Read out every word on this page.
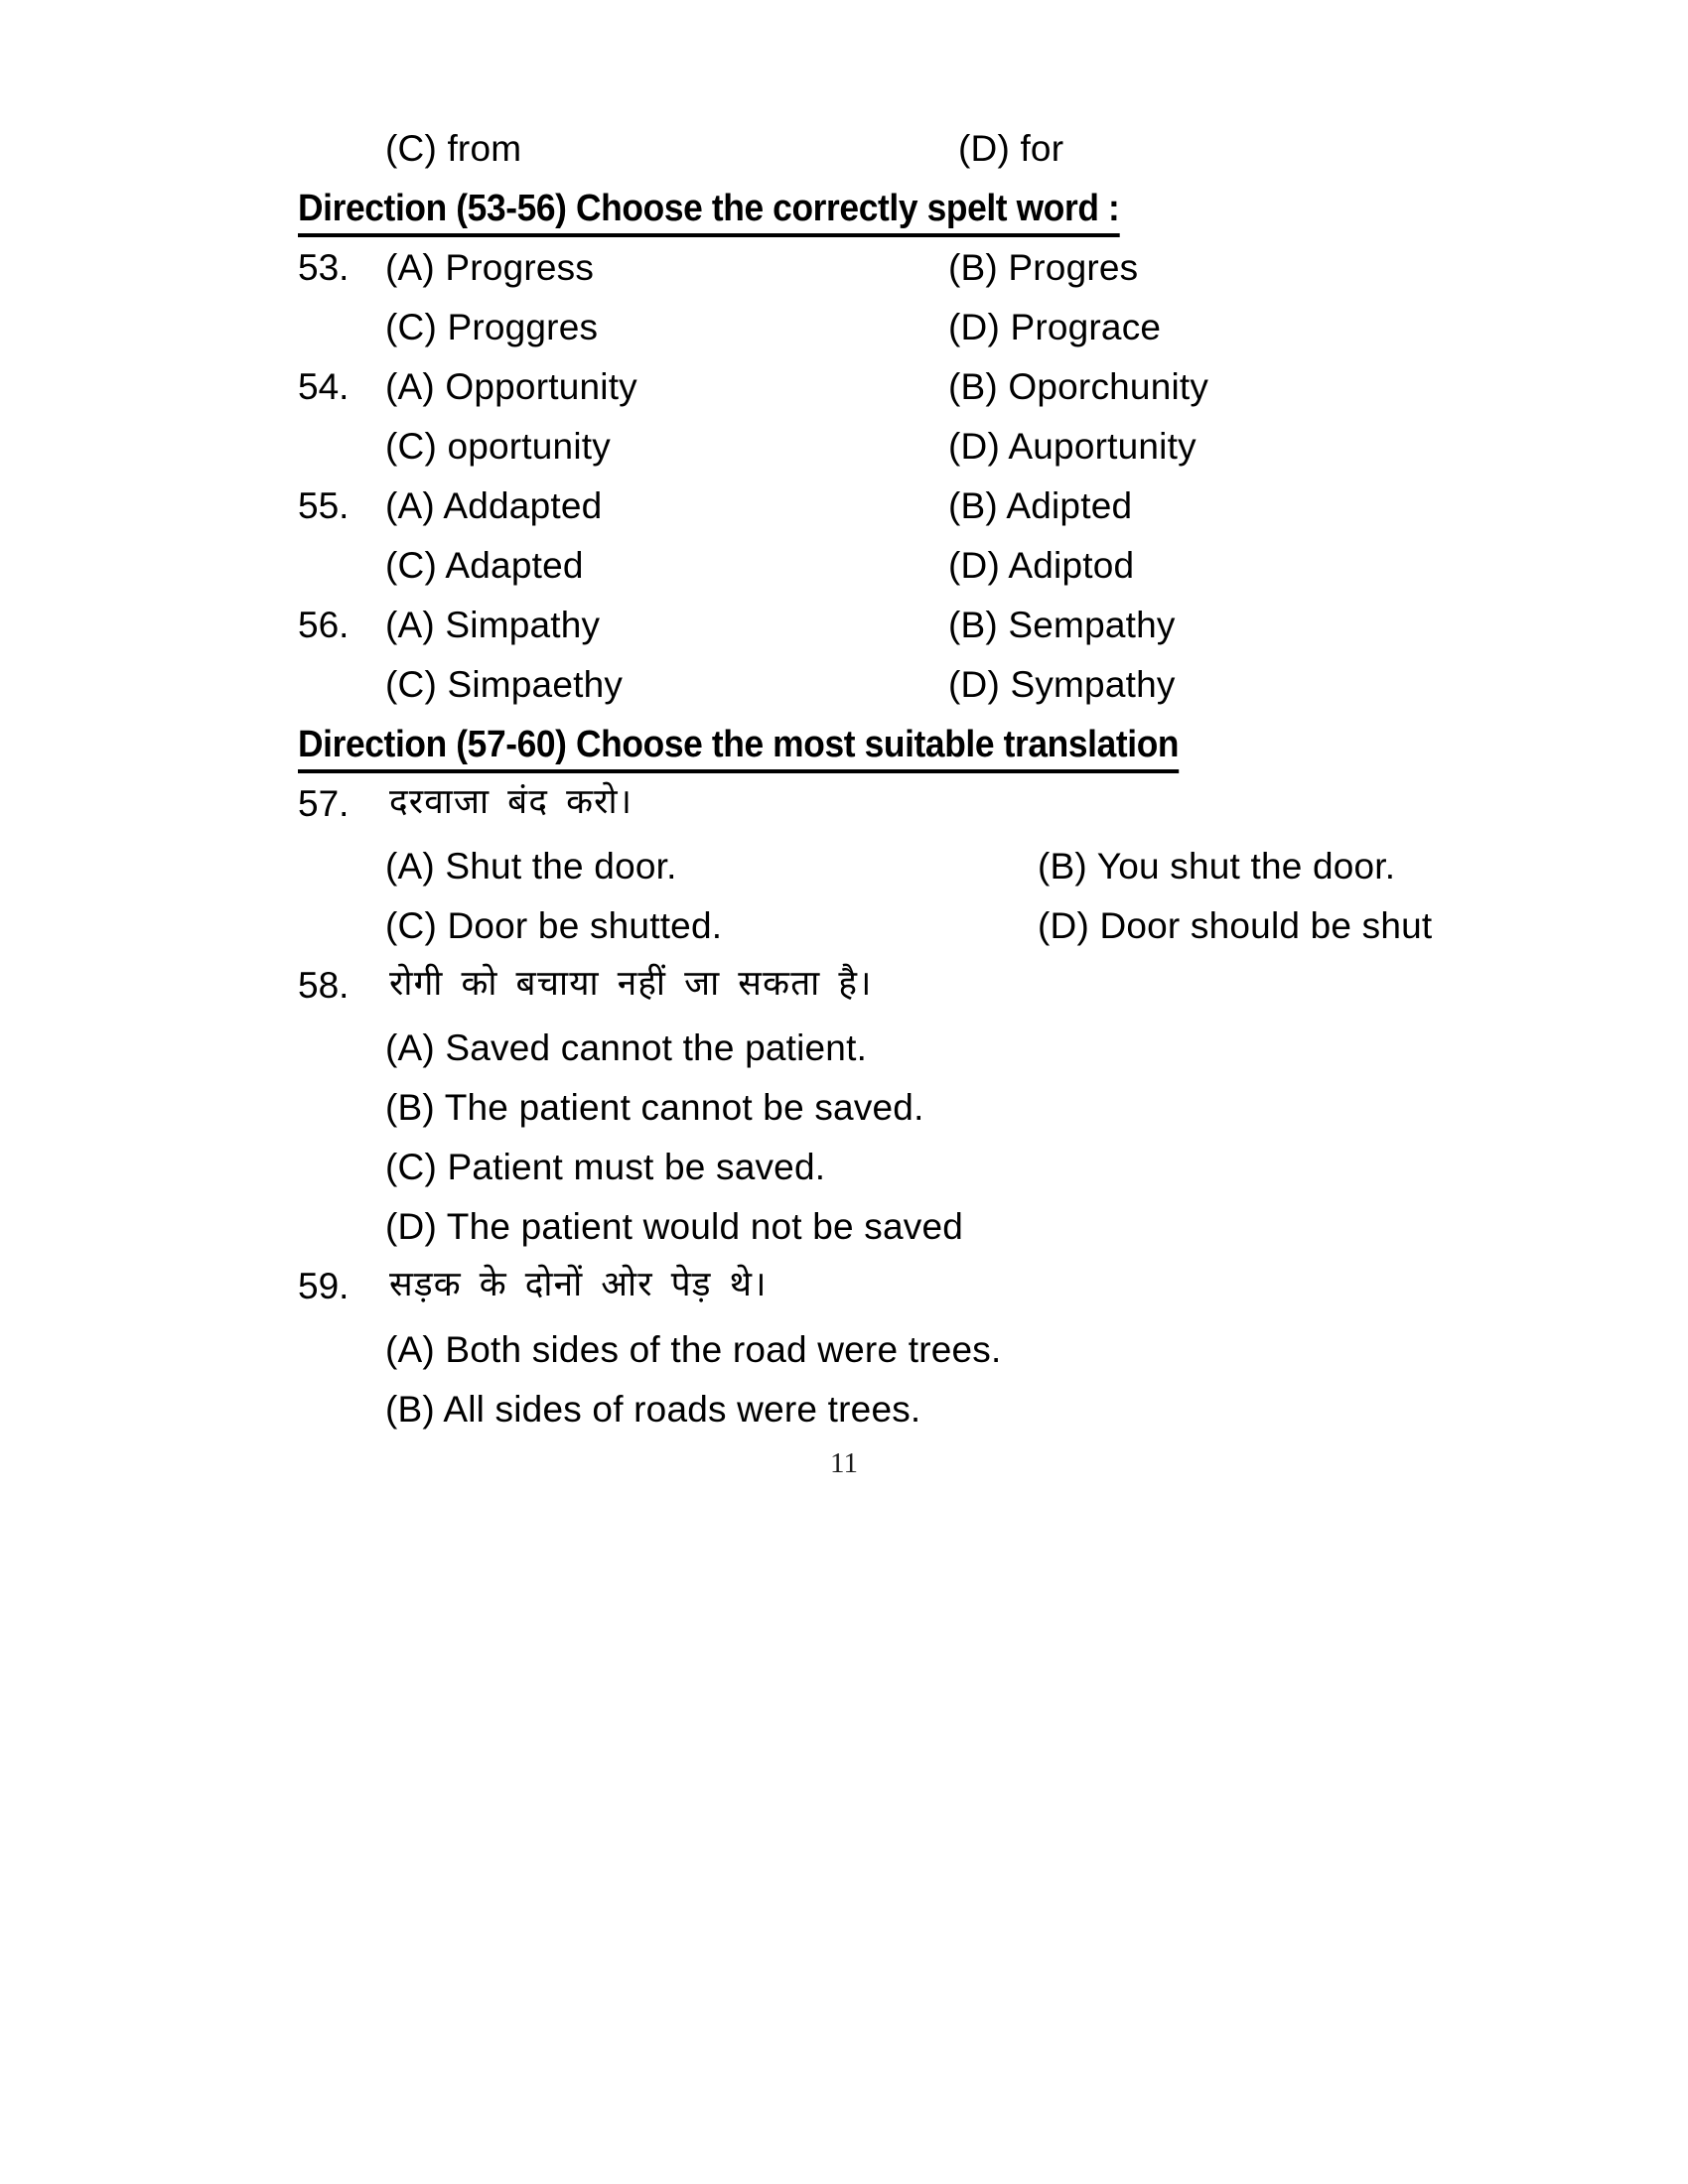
(C) from	(D) for
Direction (53-56) Choose the correctly spelt word :
53. (A) Progress	(B) Progres
(C) Proggres	(D) Prograce
54. (A) Opportunity	(B) Oporchunity
(C) oportunity	(D) Auportunity
55. (A) Addapted	(B) Adipted
(C) Adapted	(D) Adiptod
56. (A) Simpathy	(B) Sempathy
(C) Simpaethy	(D) Sympathy
Direction (57-60) Choose the most suitable translation
57. दरवाजा बंद करो।
(A) Shut the door.	(B) You shut the door.
(C) Door be shutted.	(D) Door should be shut
58. रोगी को बचाया नहीं जा सकता है।
(A) Saved cannot the patient.
(B) The patient cannot be saved.
(C) Patient must be saved.
(D) The patient would not be saved
59. सड़क के दोनों ओर पेड़ थे।
(A) Both sides of the road were trees.
(B) All sides of roads were trees.
11
